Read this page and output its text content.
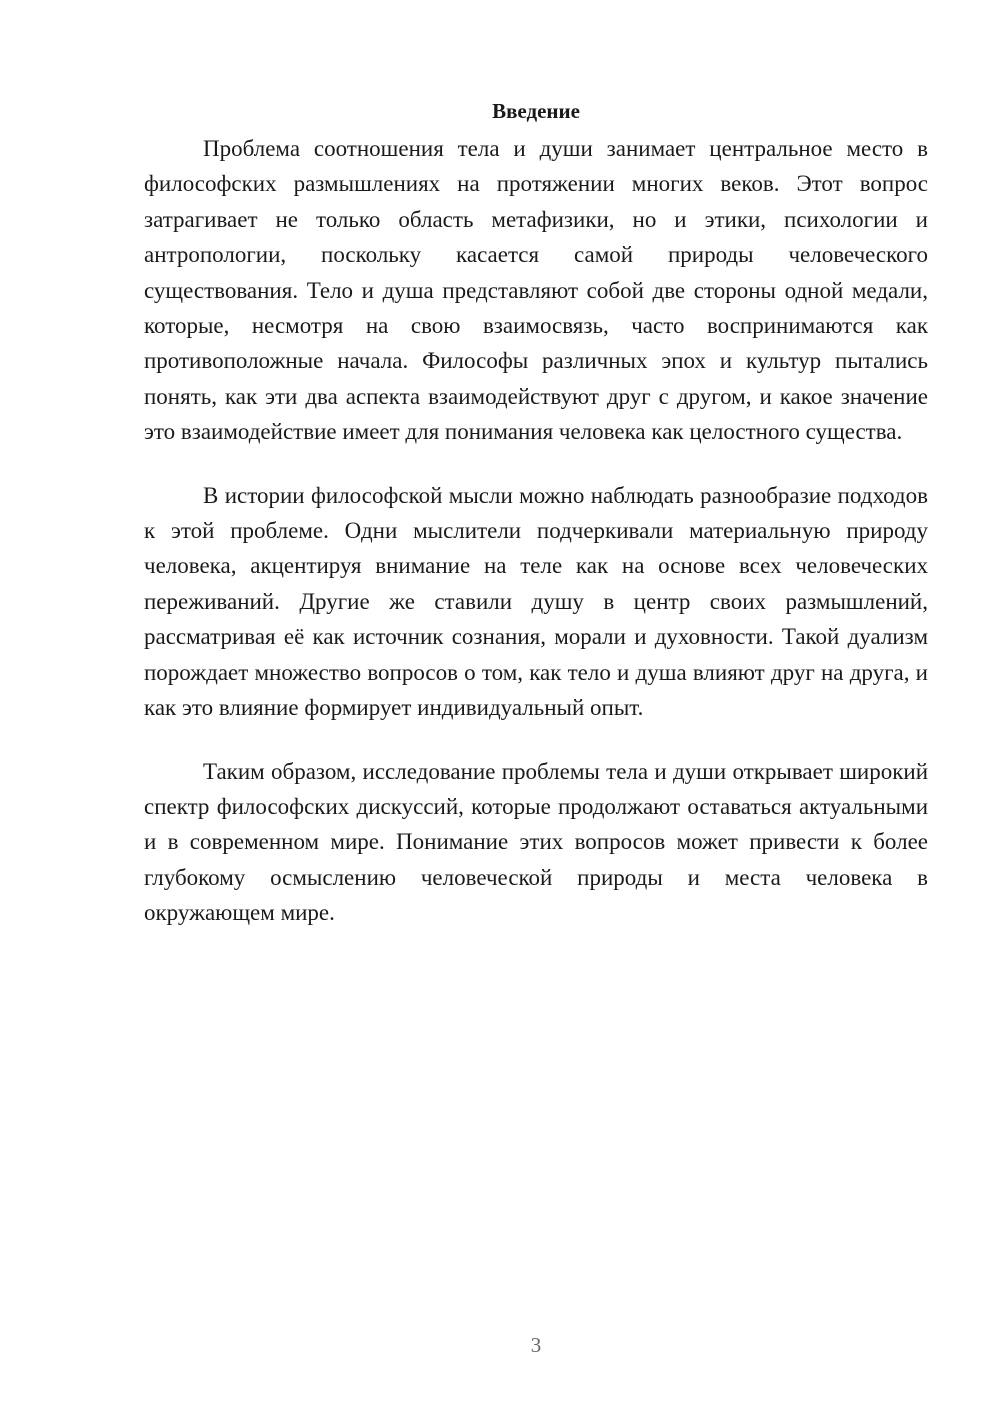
Введение

Проблема соотношения тела и души занимает центральное место в философских размышлениях на протяжении многих веков. Этот вопрос затрагивает не только область метафизики, но и этики, психологии и антропологии, поскольку касается самой природы человеческого существования. Тело и душа представляют собой две стороны одной медали, которые, несмотря на свою взаимосвязь, часто воспринимаются как противоположные начала. Философы различных эпох и культур пытались понять, как эти два аспекта взаимодействуют друг с другом, и какое значение это взаимодействие имеет для понимания человека как целостного существа.

В истории философской мысли можно наблюдать разнообразие подходов к этой проблеме. Одни мыслители подчеркивали материальную природу человека, акцентируя внимание на теле как на основе всех человеческих переживаний. Другие же ставили душу в центр своих размышлений, рассматривая её как источник сознания, морали и духовности. Такой дуализм порождает множество вопросов о том, как тело и душа влияют друг на друга, и как это влияние формирует индивидуальный опыт.

Таким образом, исследование проблемы тела и души открывает широкий спектр философских дискуссий, которые продолжают оставаться актуальными и в современном мире. Понимание этих вопросов может привести к более глубокому осмыслению человеческой природы и места человека в окружающем мире.

3
